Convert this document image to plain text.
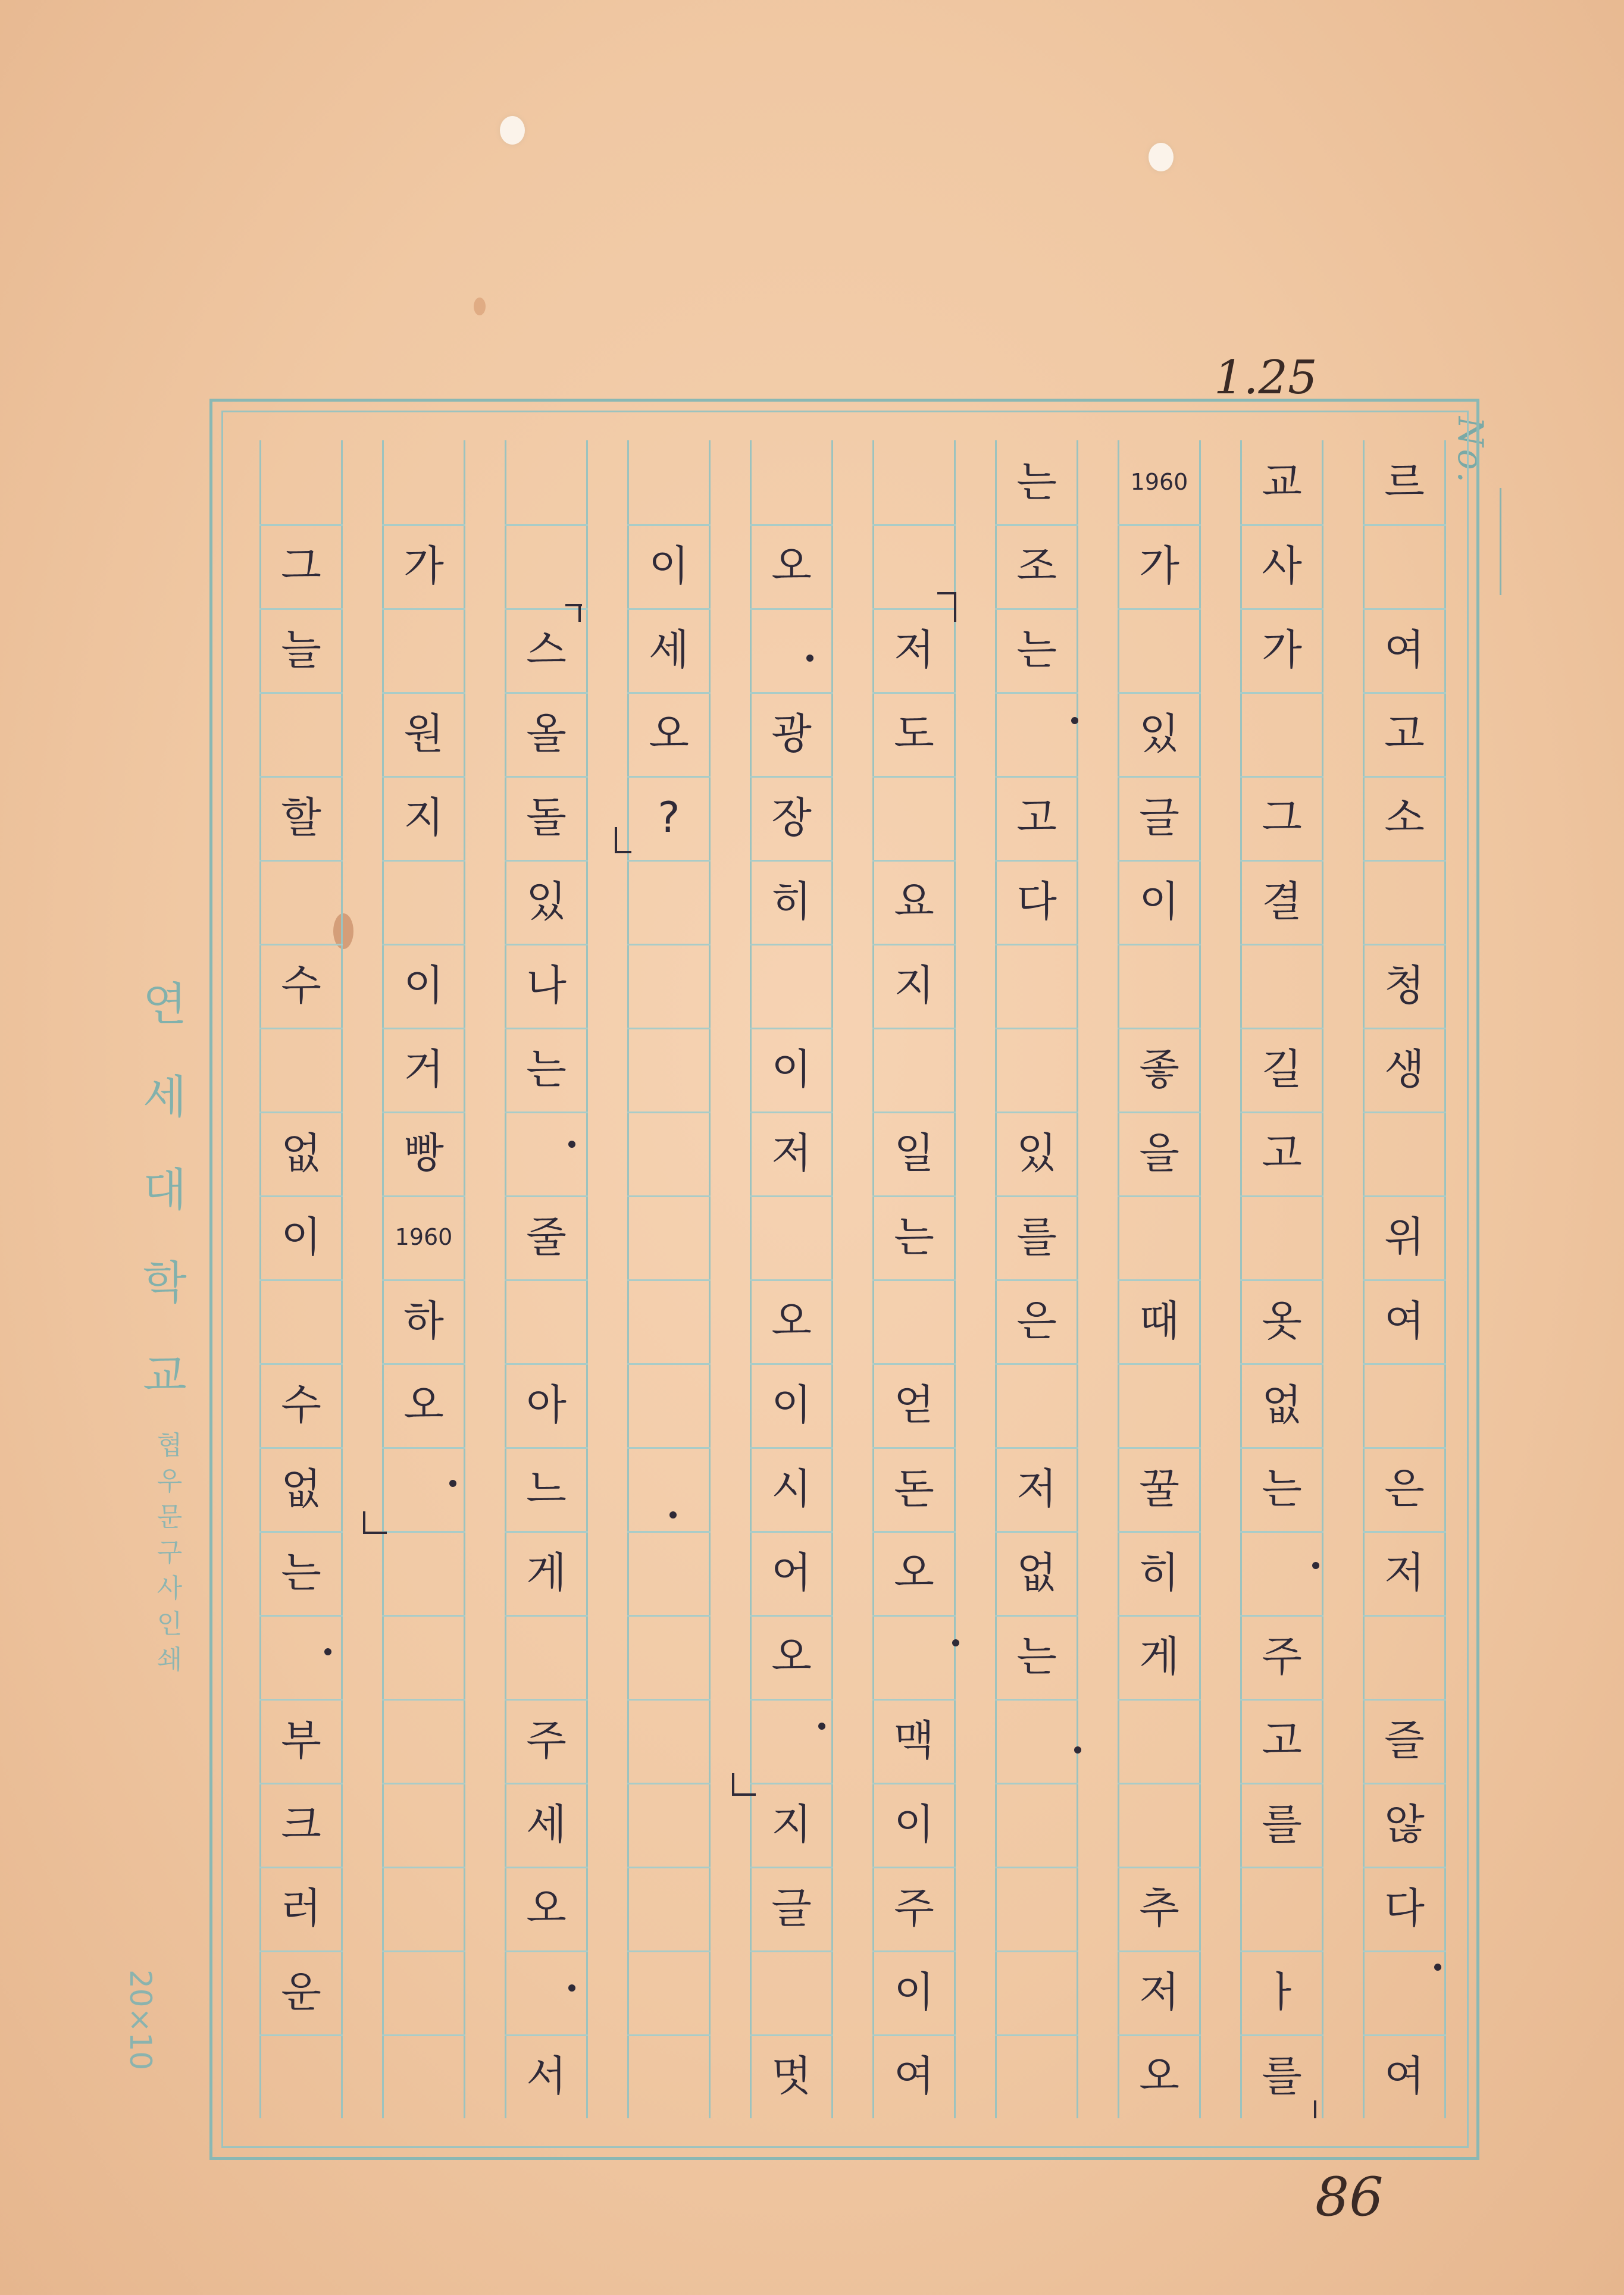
1.25
No.
르
여
고
소
청
생
위
여
은
저
즐
않
다
여
교
사
가
그
결
길
고
옷
없
는
주
고
를
ㅏ
를
1960
가
있
글
이
좋
을
때
꿀
히
게
추
저
오
는
조
는
고
다
있
를
은
저
없
는
저
도
요
지
일
는
얻
돈
오
맥
이
주
이
여
오
광
장
히
이
저
오
이
시
어
오
지
글
멋
이
세
오
?
스
올
돌
있
나
는
줄
아
느
게
주
세
오
서
가
원
지
이
거
빵
1960
하
오
그
늘
할
수
없
이
수
없
는
부
크
러
운
연 세 대 학 교
협우문구사 인쇄
20×10
86
